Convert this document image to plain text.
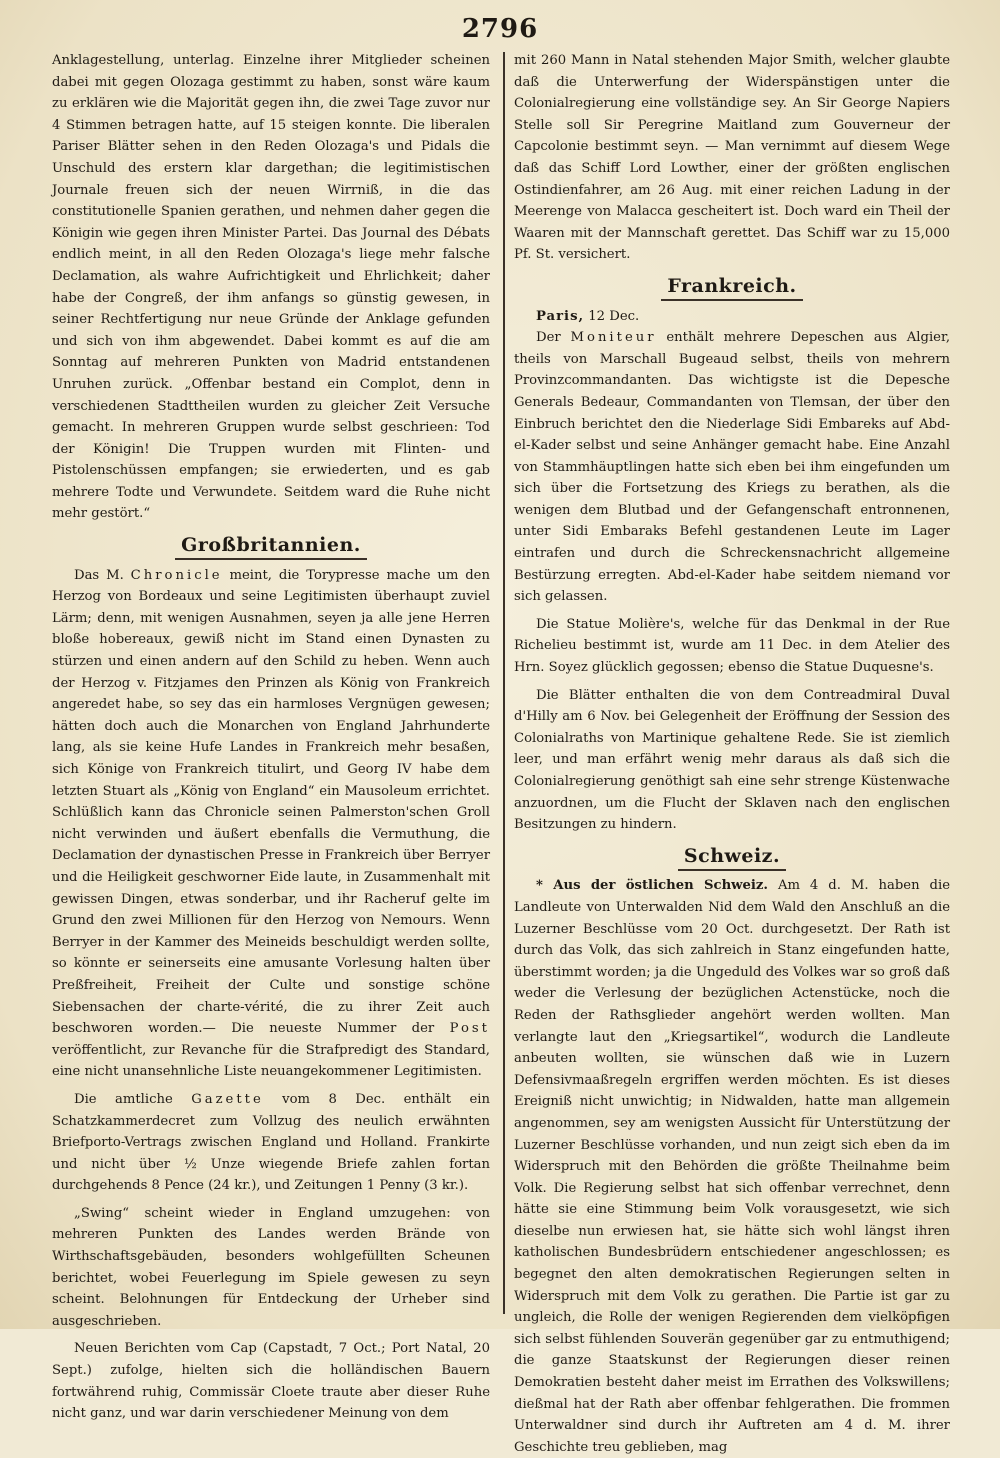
2796

Anklagestellung, unterlag. Einzelne ihrer Mitglieder scheinen dabei mit gegen Olozaga gestimmt zu haben, sonst wäre kaum zu erklären wie die Majorität gegen ihn, die zwei Tage zuvor nur 4 Stimmen betragen hatte, auf 15 steigen konnte. Die liberalen Pariser Blätter sehen in den Reden Olozaga's und Pidals die Unschuld des erstern klar dargethan; die legitimistischen Journale freuen sich der neuen Wirrniß, in die das constitutionelle Spanien gerathen, und nehmen daher gegen die Königin wie gegen ihren Minister Partei. Das Journal des Débats endlich meint, in all den Reden Olozaga's liege mehr falsche Declamation, als wahre Aufrichtigkeit und Ehrlichkeit; daher habe der Congreß, der ihm anfangs so günstig gewesen, in seiner Rechtfertigung nur neue Gründe der Anklage gefunden und sich von ihm abgewendet. Dabei kommt es auf die am Sonntag auf mehreren Punkten von Madrid entstandenen Unruhen zurück. „Offenbar bestand ein Complot, denn in verschiedenen Stadttheilen wurden zu gleicher Zeit Versuche gemacht. In mehreren Gruppen wurde selbst geschrieen: Tod der Königin! Die Truppen wurden mit Flinten- und Pistolenschüssen empfangen; sie erwiederten, und es gab mehrere Todte und Verwundete. Seitdem ward die Ruhe nicht mehr gestört.“

Großbritannien.

Das M. Chronicle meint, die Torypresse mache um den Herzog von Bordeaux und seine Legitimisten überhaupt zuviel Lärm; denn, mit wenigen Ausnahmen, seyen ja alle jene Herren bloße hobereaux, gewiß nicht im Stand einen Dynasten zu stürzen und einen andern auf den Schild zu heben. Wenn auch der Herzog v. Fitzjames den Prinzen als König von Frankreich angeredet habe, so sey das ein harmloses Vergnügen gewesen; hätten doch auch die Monarchen von England Jahrhunderte lang, als sie keine Hufe Landes in Frankreich mehr besaßen, sich Könige von Frankreich titulirt, und Georg IV habe dem letzten Stuart als „König von England“ ein Mausoleum errichtet. Schlüßlich kann das Chronicle seinen Palmerston'schen Groll nicht verwinden und äußert ebenfalls die Vermuthung, die Declamation der dynastischen Presse in Frankreich über Berryer und die Heiligkeit geschworner Eide laute, in Zusammenhalt mit gewissen Dingen, etwas sonderbar, und ihr Racheruf gelte im Grund den zwei Millionen für den Herzog von Nemours. Wenn Berryer in der Kammer des Meineids beschuldigt werden sollte, so könnte er seinerseits eine amusante Vorlesung halten über Preßfreiheit, Freiheit der Culte und sonstige schöne Siebensachen der charte-vérité, die zu ihrer Zeit auch beschworen worden.— Die neueste Nummer der Post veröffentlicht, zur Revanche für die Strafpredigt des Standard, eine nicht unansehnliche Liste neuangekommener Legitimisten.

Die amtliche Gazette vom 8 Dec. enthält ein Schatzkammerdecret zum Vollzug des neulich erwähnten Briefporto-Vertrags zwischen England und Holland. Frankirte und nicht über ½ Unze wiegende Briefe zahlen fortan durchgehends 8 Pence (24 kr.), und Zeitungen 1 Penny (3 kr.).

„Swing“ scheint wieder in England umzugehen: von mehreren Punkten des Landes werden Brände von Wirthschaftsgebäuden, besonders wohlgefüllten Scheunen berichtet, wobei Feuerlegung im Spiele gewesen zu seyn scheint. Belohnungen für Entdeckung der Urheber sind ausgeschrieben.

Neuen Berichten vom Cap (Capstadt, 7 Oct.; Port Natal, 20 Sept.) zufolge, hielten sich die holländischen Bauern fortwährend ruhig, Commissär Cloete traute aber dieser Ruhe nicht ganz, und war darin verschiedener Meinung von dem

mit 260 Mann in Natal stehenden Major Smith, welcher glaubte daß die Unterwerfung der Widerspänstigen unter die Colonialregierung eine vollständige sey. An Sir George Napiers Stelle soll Sir Peregrine Maitland zum Gouverneur der Capcolonie bestimmt seyn. — Man vernimmt auf diesem Wege daß das Schiff Lord Lowther, einer der größten englischen Ostindienfahrer, am 26 Aug. mit einer reichen Ladung in der Meerenge von Malacca gescheitert ist. Doch ward ein Theil der Waaren mit der Mannschaft gerettet. Das Schiff war zu 15,000 Pf. St. versichert.

Frankreich.

Paris, 12 Dec.

Der Moniteur enthält mehrere Depeschen aus Algier, theils von Marschall Bugeaud selbst, theils von mehrern Provinzcommandanten. Das wichtigste ist die Depesche Generals Bedeaur, Commandanten von Tlemsan, der über den Einbruch berichtet den die Niederlage Sidi Embareks auf Abd-el-Kader selbst und seine Anhänger gemacht habe. Eine Anzahl von Stammhäuptlingen hatte sich eben bei ihm eingefunden um sich über die Fortsetzung des Kriegs zu berathen, als die wenigen dem Blutbad und der Gefangenschaft entronnenen, unter Sidi Embaraks Befehl gestandenen Leute im Lager eintrafen und durch die Schreckensnachricht allgemeine Bestürzung erregten. Abd-el-Kader habe seitdem niemand vor sich gelassen.

Die Statue Molière's, welche für das Denkmal in der Rue Richelieu bestimmt ist, wurde am 11 Dec. in dem Atelier des Hrn. Soyez glücklich gegossen; ebenso die Statue Duquesne's.

Die Blätter enthalten die von dem Contreadmiral Duval d'Hilly am 6 Nov. bei Gelegenheit der Eröffnung der Session des Colonialraths von Martinique gehaltene Rede. Sie ist ziemlich leer, und man erfährt wenig mehr daraus als daß sich die Colonialregierung genöthigt sah eine sehr strenge Küstenwache anzuordnen, um die Flucht der Sklaven nach den englischen Besitzungen zu hindern.

Schweiz.

* Aus der östlichen Schweiz. Am 4 d. M. haben die Landleute von Unterwalden Nid dem Wald den Anschluß an die Luzerner Beschlüsse vom 20 Oct. durchgesetzt. Der Rath ist durch das Volk, das sich zahlreich in Stanz eingefunden hatte, überstimmt worden; ja die Ungeduld des Volkes war so groß daß weder die Verlesung der bezüglichen Actenstücke, noch die Reden der Rathsglieder angehört werden wollten. Man verlangte laut den „Kriegsartikel“, wodurch die Landleute anbeuten wollten, sie wünschen daß wie in Luzern Defensivmaaßregeln ergriffen werden möchten. Es ist dieses Ereigniß nicht unwichtig; in Nidwalden, hatte man allgemein angenommen, sey am wenigsten Aussicht für Unterstützung der Luzerner Beschlüsse vorhanden, und nun zeigt sich eben da im Widerspruch mit den Behörden die größte Theilnahme beim Volk. Die Regierung selbst hat sich offenbar verrechnet, denn hätte sie eine Stimmung beim Volk vorausgesetzt, wie sich dieselbe nun erwiesen hat, sie hätte sich wohl längst ihren katholischen Bundesbrüdern entschiedener angeschlossen; es begegnet den alten demokratischen Regierungen selten in Widerspruch mit dem Volk zu gerathen. Die Partie ist gar zu ungleich, die Rolle der wenigen Regierenden dem vielköpfigen sich selbst fühlenden Souverän gegenüber gar zu entmuthigend; die ganze Staatskunst der Regierungen dieser reinen Demokratien besteht daher meist im Errathen des Volkswillens; dießmal hat der Rath aber offenbar fehlgerathen. Die frommen Unterwaldner sind durch ihr Auftreten am 4 d. M. ihrer Geschichte treu geblieben, mag
